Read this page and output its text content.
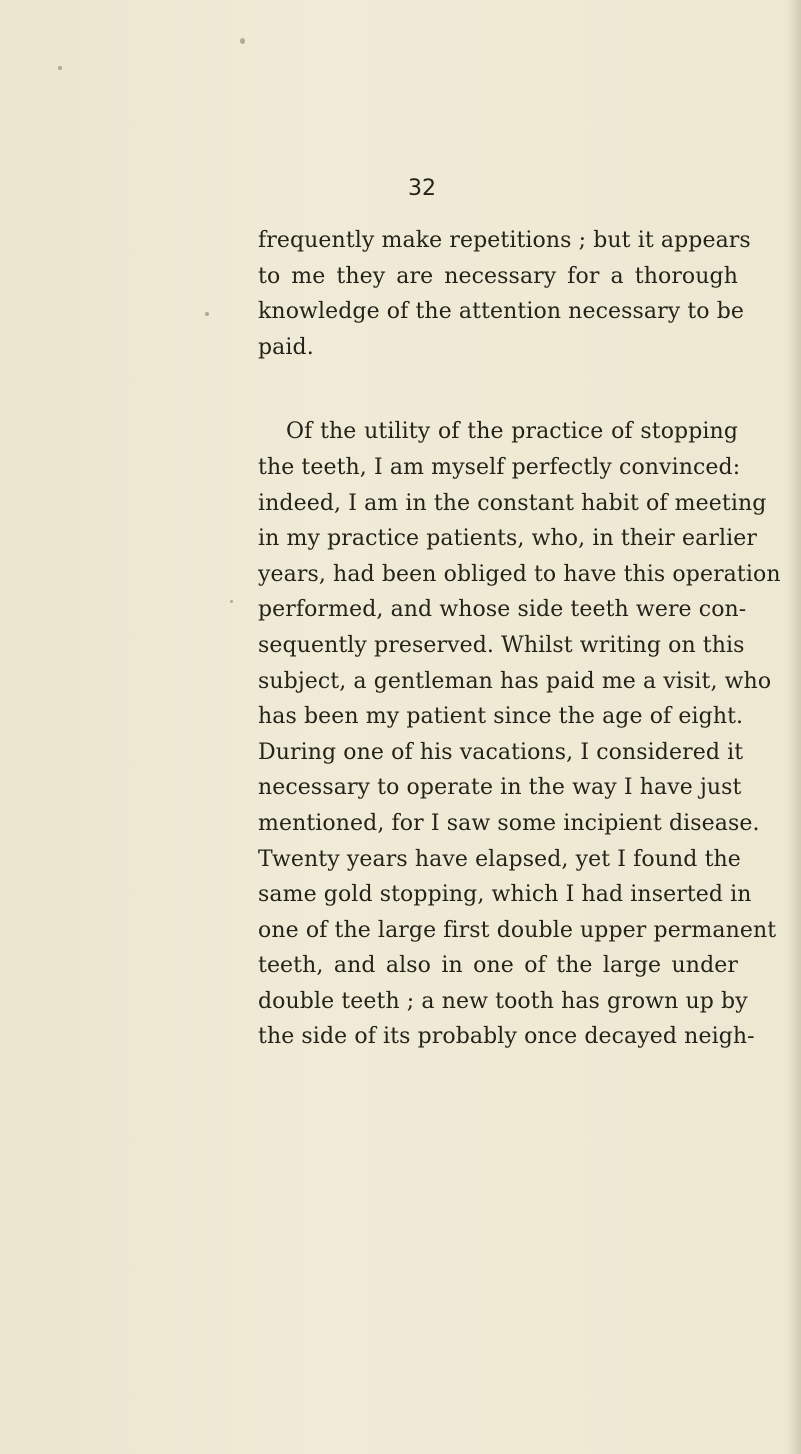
32
frequently make repetitions ; but it appears
to me they are necessary for a thorough
knowledge of the attention necessary to be
paid.
Of the utility of the practice of stopping
the teeth, I am myself perfectly convinced:
indeed, I am in the constant habit of meeting
in my practice patients, who, in their earlier
years, had been obliged to have this operation
performed, and whose side teeth were con-
sequently preserved. Whilst writing on this
subject, a gentleman has paid me a visit, who
has been my patient since the age of eight.
During one of his vacations, I considered it
necessary to operate in the way I have just
mentioned, for I saw some incipient disease.
Twenty years have elapsed, yet I found the
same gold stopping, which I had inserted in
one of the large first double upper permanent
teeth, and also in one of the large under
double teeth ; a new tooth has grown up by
the side of its probably once decayed neigh-
